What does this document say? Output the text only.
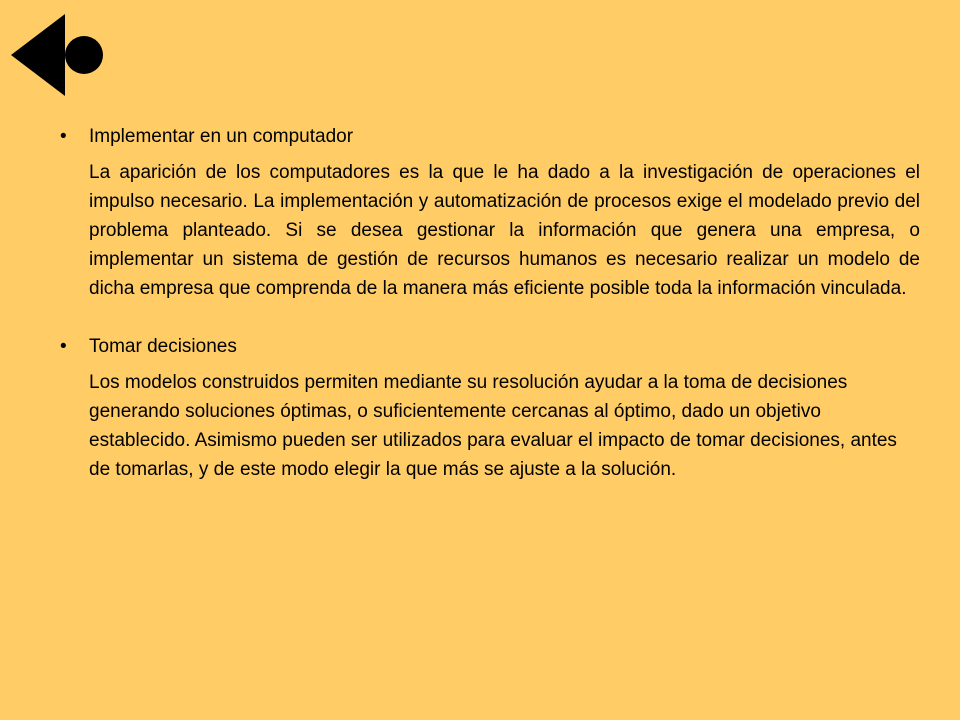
• Implementar en un computador
La aparición de los computadores es la que le ha dado a la investigación de operaciones el impulso necesario. La implementación y automatización de procesos exige el modelado previo del problema planteado. Si se desea gestionar la información que genera una empresa, o implementar un sistema de gestión de recursos humanos es necesario realizar un modelo de dicha empresa que comprenda de la manera más eficiente posible toda la información vinculada.
• Tomar decisiones
Los modelos construidos permiten mediante su resolución ayudar a la toma de decisiones generando soluciones óptimas, o suficientemente cercanas al óptimo, dado un objetivo establecido. Asimismo pueden ser utilizados para evaluar el impacto de tomar decisiones, antes de tomarlas, y de este modo elegir la que más se ajuste a la solución.
